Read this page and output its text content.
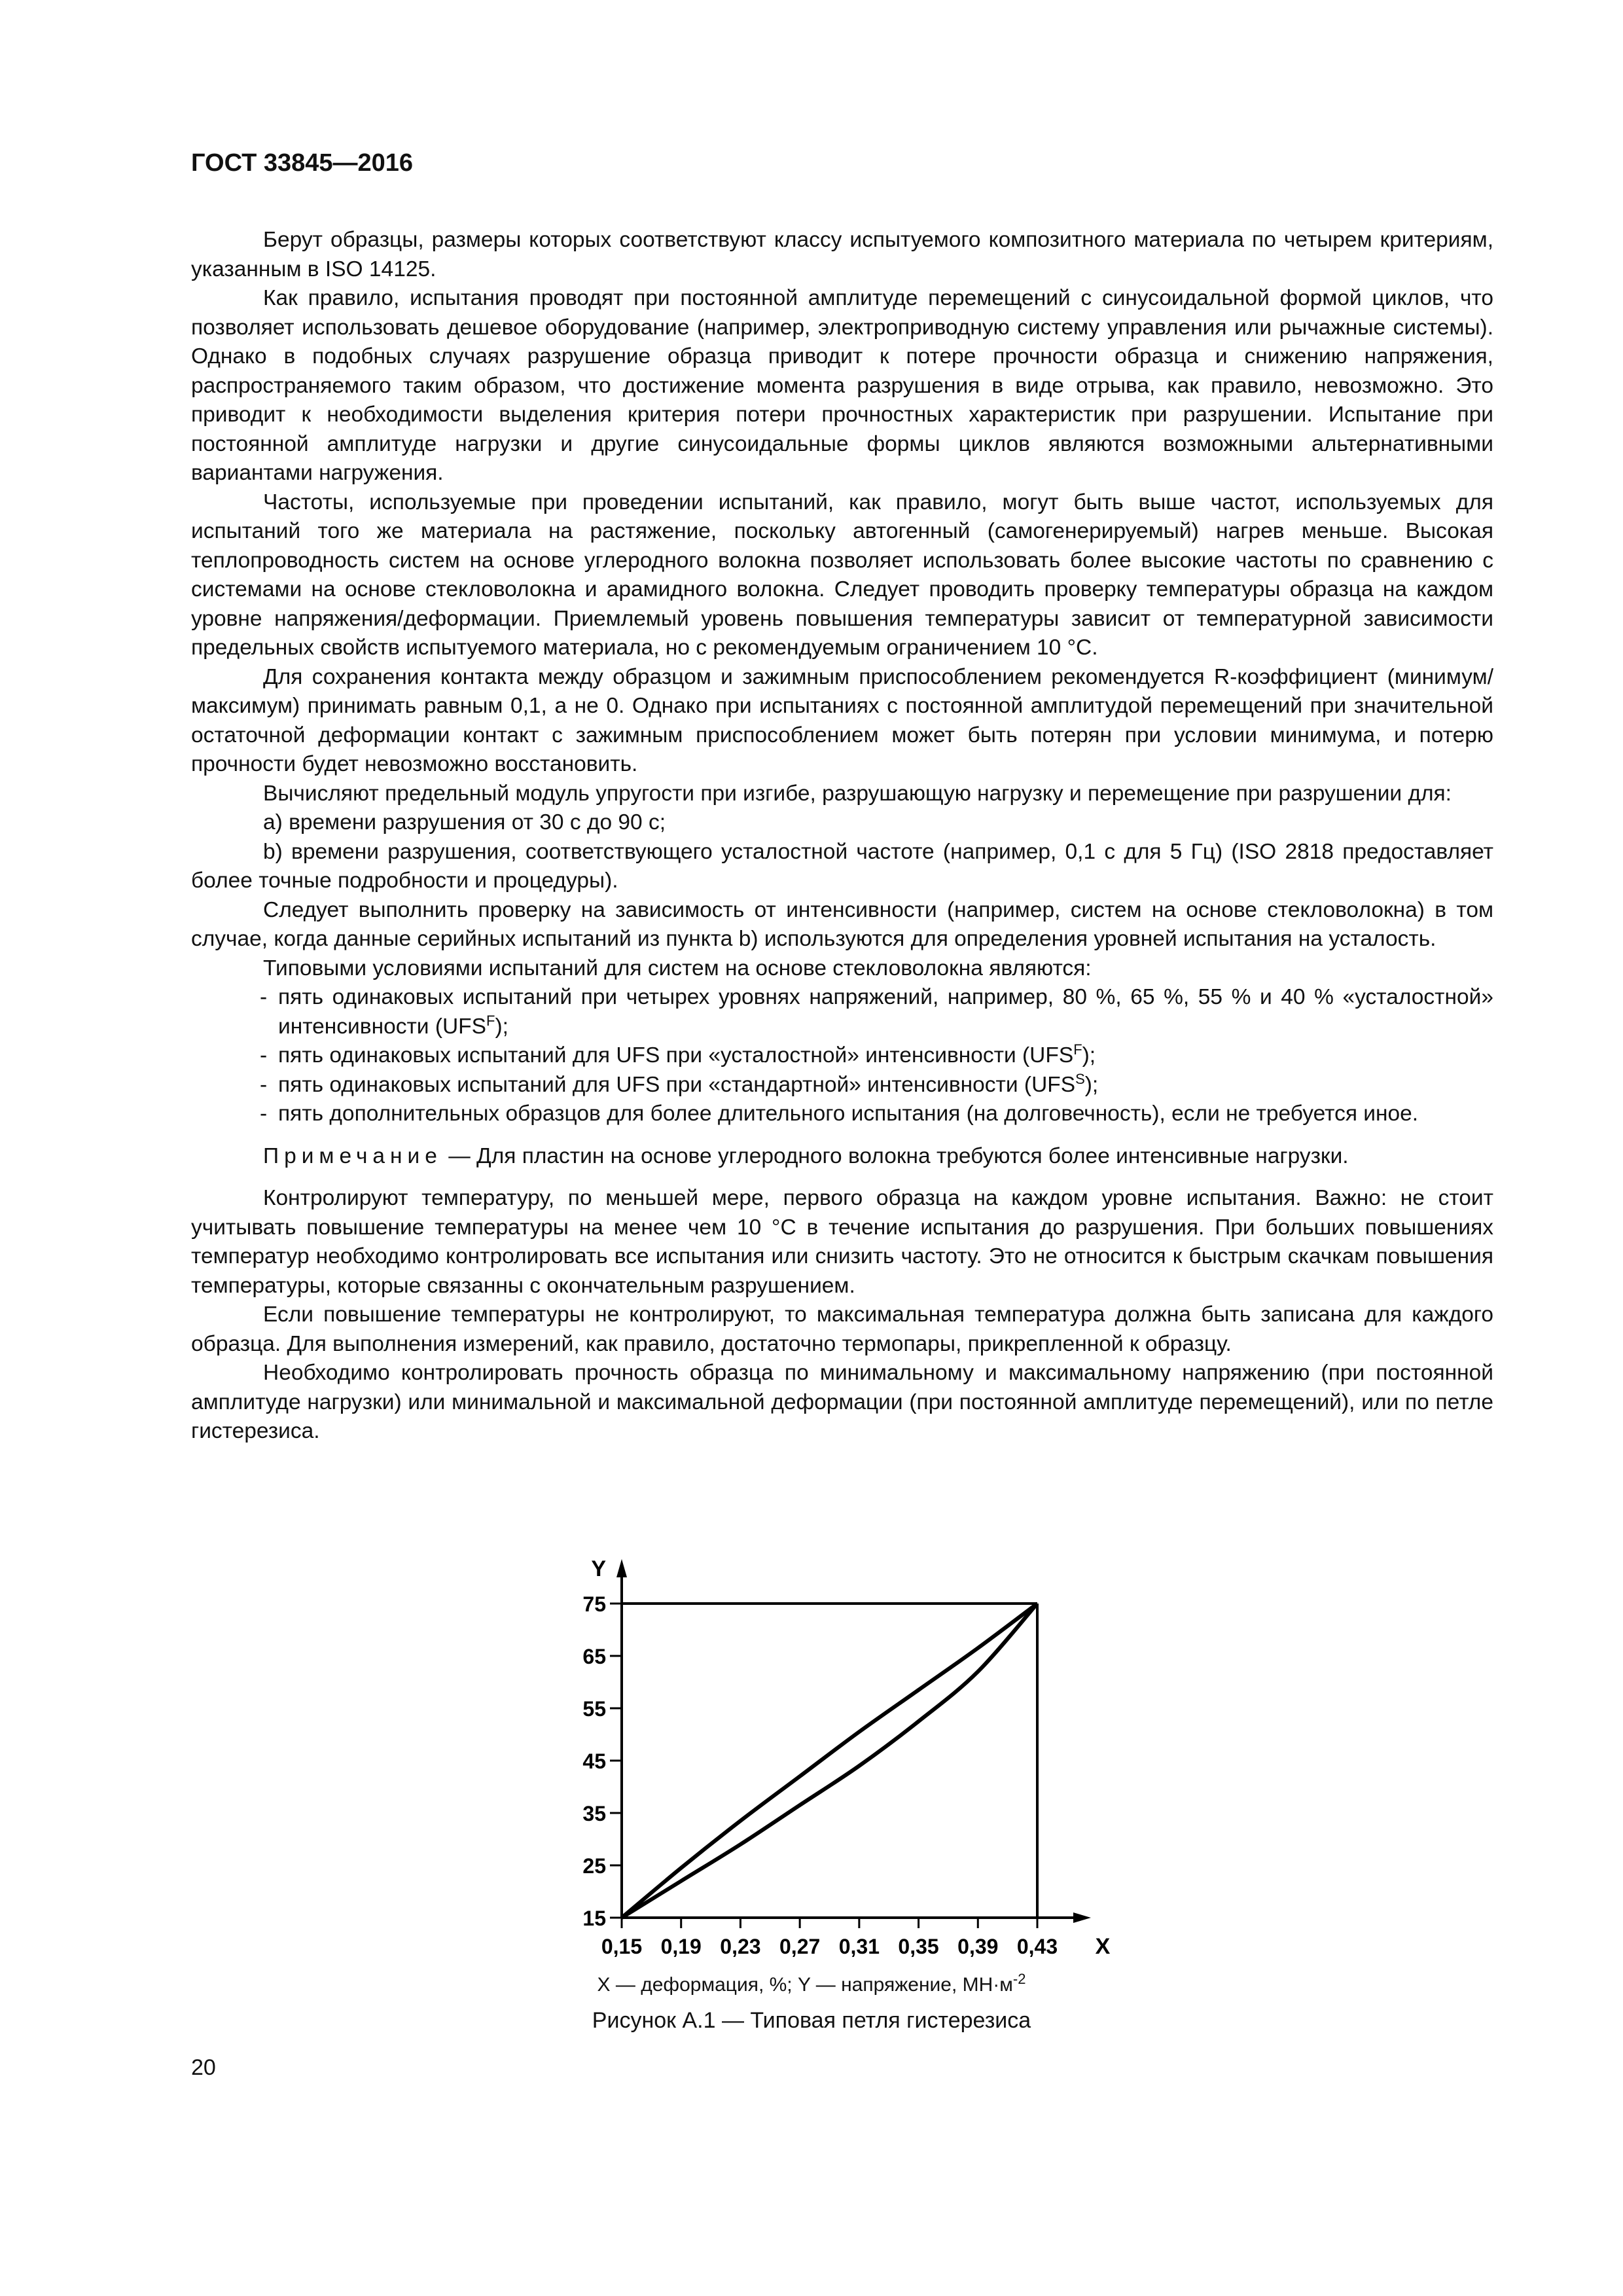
ГОСТ 33845—2016

Берут образцы, размеры которых соответствуют классу испытуемого композитного материала по четырем критериям, указанным в ISO 14125.

Как правило, испытания проводят при постоянной амплитуде перемещений с синусоидальной формой циклов, что позволяет использовать дешевое оборудование (например, электроприводную систему управления или рычажные системы). Однако в подобных случаях разрушение образца приводит к потере прочности образца и снижению напряжения, распространяемого таким образом, что достижение момента разрушения в виде отрыва, как правило, невозможно. Это приводит к необходимости выделения критерия потери прочностных характеристик при разрушении. Испытание при постоянной амплитуде нагрузки и другие синусоидальные формы циклов являются возможными альтернативными вариантами нагружения.

Частоты, используемые при проведении испытаний, как правило, могут быть выше частот, используемых для испытаний того же материала на растяжение, поскольку автогенный (самогенерируемый) нагрев меньше. Высокая теплопроводность систем на основе углеродного волокна позволяет использовать более высокие частоты по сравнению с системами на основе стекловолокна и арамидного волокна. Следует проводить проверку температуры образца на каждом уровне напряжения/деформации. Приемлемый уровень повышения температуры зависит от температурной зависимости предельных свойств испытуемого материала, но с рекомендуемым ограничением 10 °С.

Для сохранения контакта между образцом и зажимным приспособлением рекомендуется R-коэффициент (минимум/максимум) принимать равным 0,1, а не 0. Однако при испытаниях с постоянной амплитудой перемещений при значительной остаточной деформации контакт с зажимным приспособлением может быть потерян при условии минимума, и потерю прочности будет невозможно восстановить.

Вычисляют предельный модуль упругости при изгибе, разрушающую нагрузку и перемещение при разрушении для:

а) времени разрушения от 30 с до 90 с;

b) времени разрушения, соответствующего усталостной частоте (например, 0,1 с для 5 Гц) (ISO 2818 предоставляет более точные подробности и процедуры).

Следует выполнить проверку на зависимость от интенсивности (например, систем на основе стекловолокна) в том случае, когда данные серийных испытаний из пункта b) используются для определения уровней испытания на усталость.

Типовыми условиями испытаний для систем на основе стекловолокна являются:

- пять одинаковых испытаний при четырех уровнях напряжений, например, 80 %, 65 %, 55 % и 40 % «усталостной» интенсивности $(UFS^F)$;
- пять одинаковых испытаний для UFS при «усталостной» интенсивности $(UFS^F)$;
- пять одинаковых испытаний для UFS при «стандартной» интенсивности $(UFS^S)$;
- пять дополнительных образцов для более длительного испытания (на долговечность), если не требуется иное.

Примечание — Для пластин на основе углеродного волокна требуются более интенсивные нагрузки.

Контролируют температуру, по меньшей мере, первого образца на каждом уровне испытания. Важно: не стоит учитывать повышение температуры на менее чем 10 °С в течение испытания до разрушения. При больших повышениях температур необходимо контролировать все испытания или снизить частоту. Это не относится к быстрым скачкам повышения температуры, которые связанны с окончательным разрушением.

Если повышение температуры не контролируют, то максимальная температура должна быть записана для каждого образца. Для выполнения измерений, как правило, достаточно термопары, прикрепленной к образцу.

Необходимо контролировать прочность образца по минимальному и максимальному напряжению (при постоянной амплитуде нагрузки) или минимальной и максимальной деформации (при постоянной амплитуде перемещений), или по петле гистерезиса.

Y
X
15
25
35
45
55
65
75
0,15 0,19 0,23 0,27 0,31 0,35 0,39 0,43
X — деформация, %; Y — напряжение, $МН\cdot м^{-2}$
Рисунок А.1 — Типовая петля гистерезиса
20
